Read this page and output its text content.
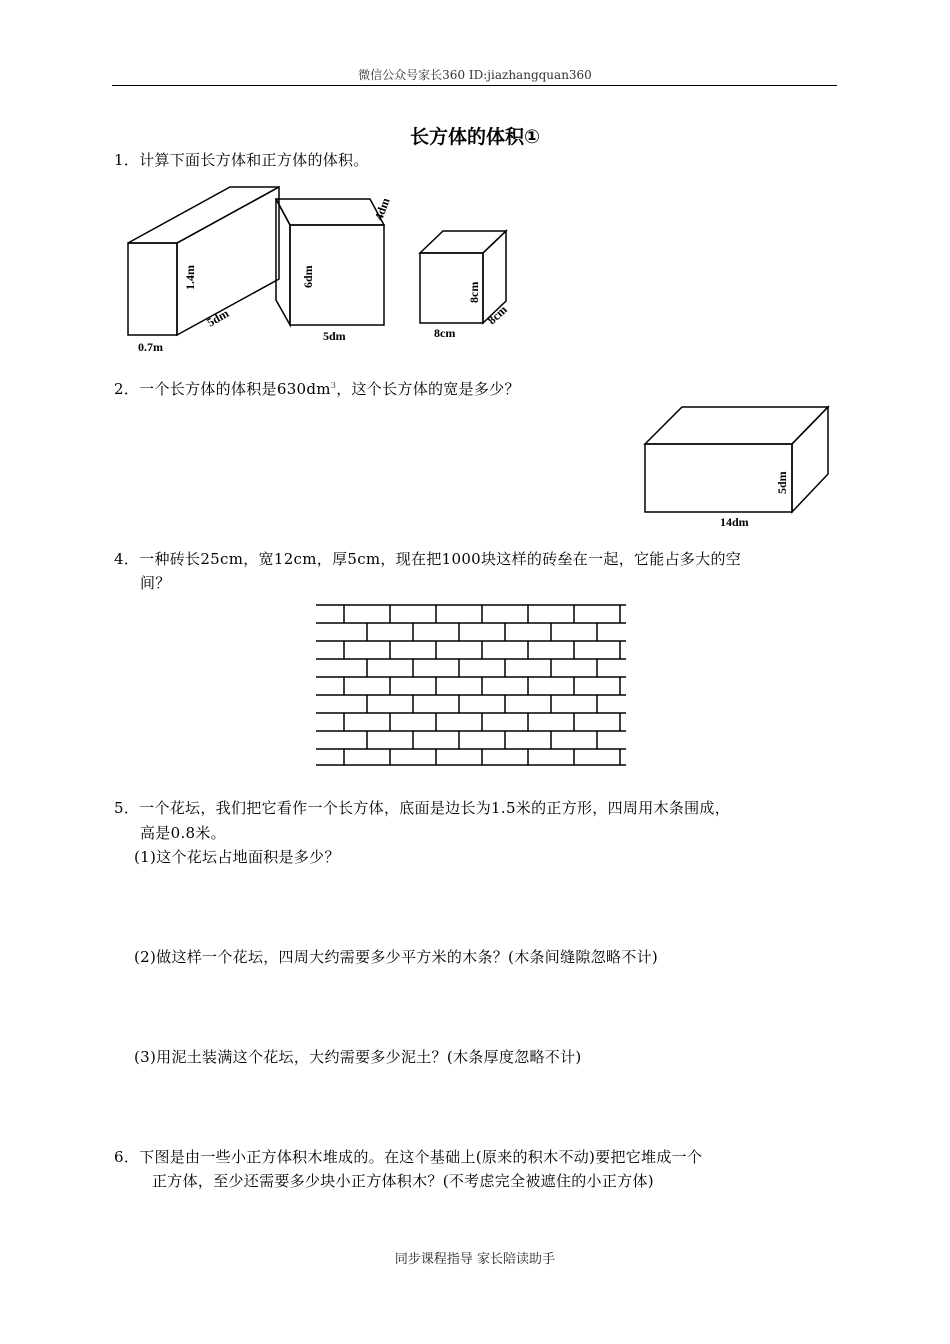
微信公众号家长360 ID:jiazhangquan360
长方体的体积①
1．计算下面长方体和正方体的体积。
1.4m
5dm
0.7m
6dm
5dm
4dm
8cm
8cm
8cm
2．一个长方体的体积是$630dm^3$，这个长方体的宽是多少？
5dm
14dm
4．一种砖长25cm，宽12cm，厚5cm，现在把1000块这样的砖垒在一起，它能占多大的空
间？
5．一个花坛，我们把它看作一个长方体，底面是边长为1.5米的正方形，四周用木条围成，
高是0.8米。
(1)这个花坛占地面积是多少？
(2)做这样一个花坛，四周大约需要多少平方米的木条？(木条间缝隙忽略不计)
(3)用泥土装满这个花坛，大约需要多少泥土？(木条厚度忽略不计)
6．下图是由一些小正方体积木堆成的。在这个基础上(原来的积木不动)要把它堆成一个
正方体，至少还需要多少块小正方体积木？(不考虑完全被遮住的小正方体)
同步课程指导 家长陪读助手
